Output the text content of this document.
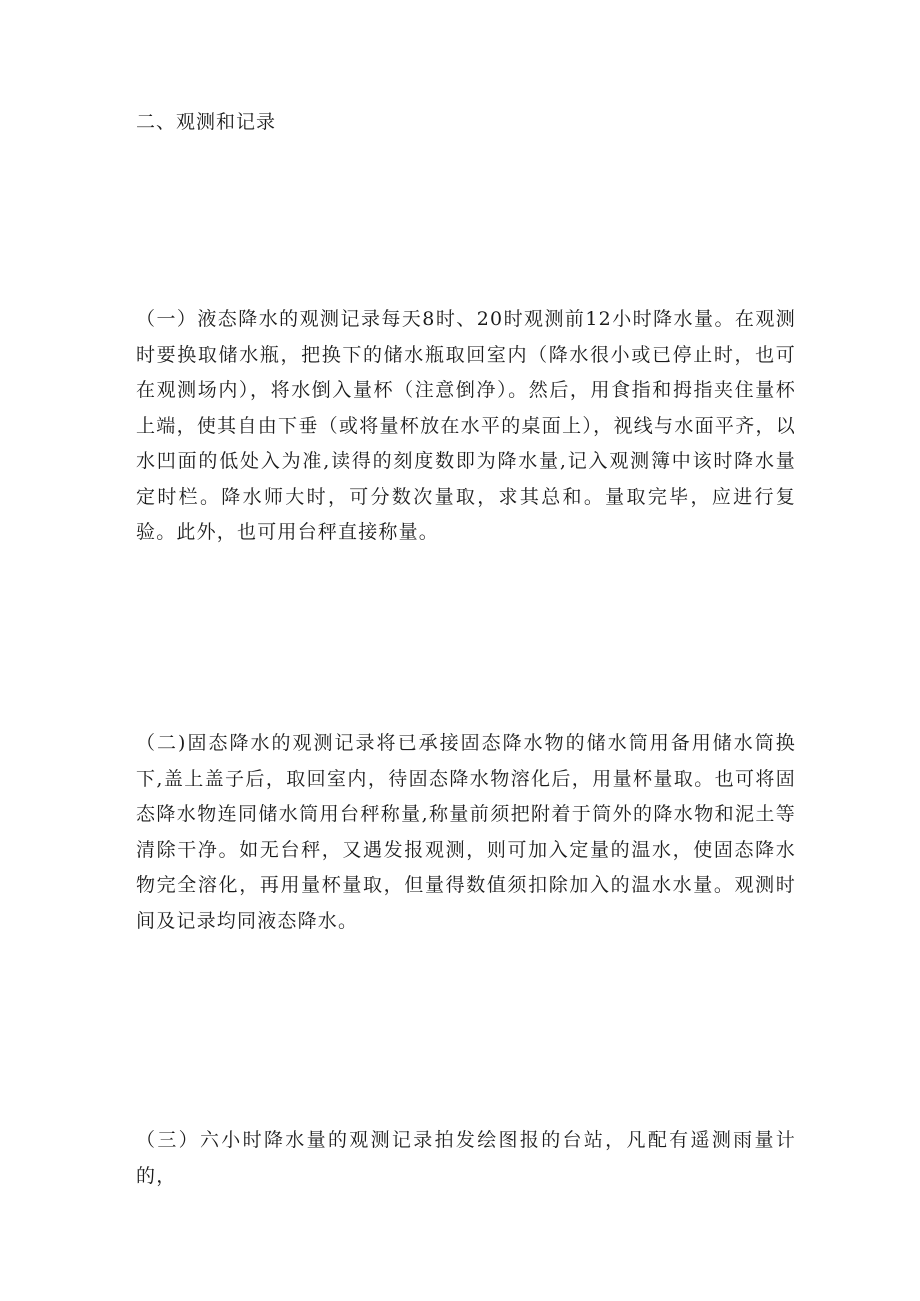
二、观测和记录

（一）液态降水的观测记录每天8时、20时观测前12小时降水量。在观测时要换取储水瓶，把换下的储水瓶取回室内（降水很小或已停止时，也可在观测场内），将水倒入量杯（注意倒净）。然后，用食指和拇指夹住量杯上端，使其自由下垂（或将量杯放在水平的桌面上），视线与水面平齐，以水凹面的低处入为准,读得的刻度数即为降水量,记入观测簿中该时降水量定时栏。降水师大时，可分数次量取，求其总和。量取完毕，应进行复验。此外，也可用台秤直接称量。

（二)固态降水的观测记录将已承接固态降水物的储水筒用备用储水筒换下,盖上盖子后，取回室内，待固态降水物溶化后，用量杯量取。也可将固态降水物连同储水筒用台秤称量,称量前须把附着于筒外的降水物和泥土等清除干净。如无台秤，又遇发报观测，则可加入定量的温水，使固态降水物完全溶化，再用量杯量取，但量得数值须扣除加入的温水水量。观测时间及记录均同液态降水。

（三）六小时降水量的观测记录拍发绘图报的台站，凡配有遥测雨量计的，
